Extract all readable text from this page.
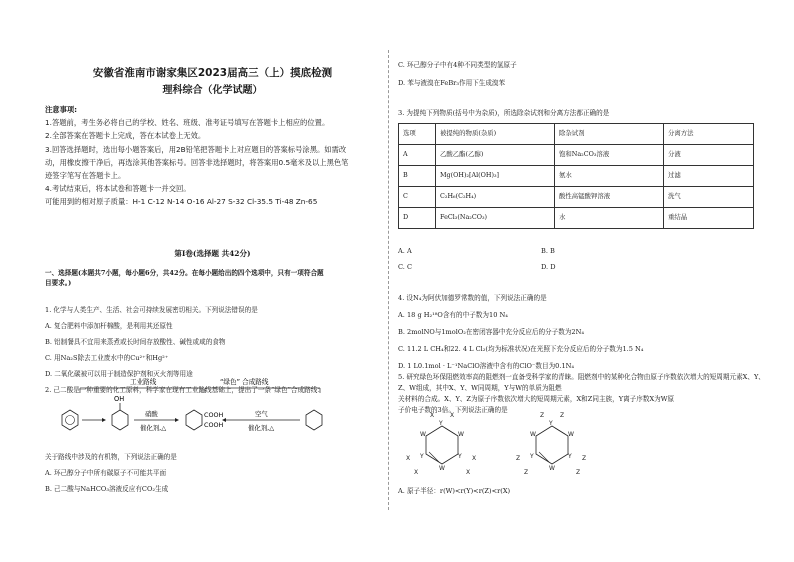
安徽省淮南市谢家集区2023届高三（上）摸底检测
理科综合（化学试题）
注意事项:
1.答题前，考生务必将自己的学校、姓名、班级、准考证号填写在答题卡上相应的位置。
2.全部答案在答题卡上完成，答在本试卷上无效。
3.回答选择题时，选出每小题答案后，用2B铅笔把答题卡上对应题目的答案标号涂黑。如需改
动，用橡皮擦干净后，再选涂其他答案标号。回答非选择题时，将答案用0.5毫米及以上黑色笔
迹签字笔写在答题卡上。
4.考试结束后，将本试卷和答题卡一并交回。
可能用到的相对原子质量：H-1 C-12 N-14 O-16 Al-27 S-32 Cl-35.5 Ti-48 Zn-65
第Ⅰ卷(选择题 共42分)
一、选择题(本题共7小题，每小题6分，共42分。在每小题给出的四个选项中，只有一项符合题
目要求。)
1. 化学与人类生产、生活、社会可持续发展密切相关。下列说法错误的是
A. 复合肥料中添加杆棉酸，是利用其还原性
B. 铝制餐具不宜用来蒸煮或长时间存放酸性、碱性或咸的食物
C. 用Na₂S除去工业废水中的Cu²⁺和Hg²⁺
D. 二氧化碳被可以用于制造保护剂和灭火剂等用途
2. 己二酸是一种重要的化工原料，科学家在现有工业路线基础上，提出了一条“绿色”合成路线：
工业路线	“绿色” 合成路线
OH
硝酸
催化剂,△
COOH
COOH
空气
催化剂,△
关于路线中涉及的有机物，下列说法正确的是
A. 环己醇分子中所有碳原子不可能共平面
B. 己二酸与NaHCO₃溶液反应有CO₂生成
C. 环己醇分子中有4种不同类型的氢原子
D. 苯与液溴在FeBr₃作用下生成溴苯
3. 为提纯下列物质(括号中为杂质)，所选除杂试剂和分离方法都正确的是
选项	被提纯的物质(杂质)	除杂试剂	分离方法
A	乙酸乙酯(乙醇)	饱和Na₂CO₃溶液	分液
B	Mg(OH)₂[Al(OH)₃]	氨水	过滤
C	C₂H₆(C₂H₄)	酸性高锰酸钾溶液	洗气
D	FeCl₃(Na₂CO₃)	水	重结晶
A. A	B. B
C. C	D. D
4. 设N₄为阿伏加德罗常数的值，下列说法正确的是
A. 18 g H₂¹⁸O含有的中子数为10 N₄
B. 2molNO与1molO₂在密闭容器中充分反应后的分子数为2N₄
C. 11.2 L CH₄和22. 4 L Cl₂(均为标准状况)在光照下充分反应后的分子数为1.5 N₄
D. 1 L0.1mol · L⁻¹NaClO溶液中含有的ClO⁻数目为0.1N₄
5. 研究绿色环保阻燃效率高的阻燃剂一直备受科学家的青睐。阻燃剂中的某种化合物由原子序数依次增大的短周期元素X、Y、Z、W组成，其中X、Y、W同周期，Y与W的单质为阻燃
关材料的合成。X、Y、Z为原子序数依次增大的短周期元素，X和Z同主族，Y离子序数X为W原
子价电子数的3倍。下列说法正确的是
Y
W
Y
W
Y
W
X	X
X
X
X
X
Y
W
Y
W
Y
W
Z	Z
Z
Z
Z
Z
A. 原子半径：r(W)<r(Y)<r(Z)<r(X)
